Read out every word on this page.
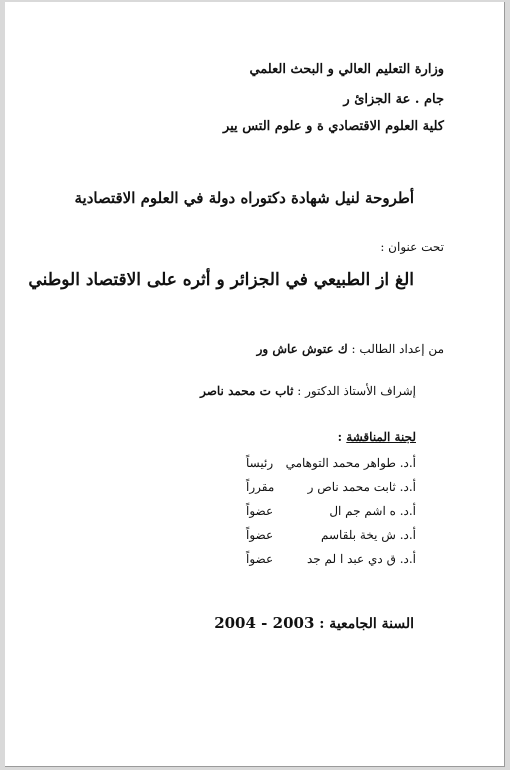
وزارة التعليم العالي و البحث العلمي
جام . عة الجزائ ر
كلية العلوم الاقتصادي ة و علوم التس يير
أطروحة لنيل شهادة دكتوراه دولة في العلوم الاقتصادية
تحت عنوان :
الغ از الطبيعي في الجزائر و أثره على الاقتصاد الوطني
من إعداد الطالب : ك عتوش عاش ور
إشراف الأستاذ الدكتور : ثاب ت محمد ناصر
لجنة المناقشة :
أ.د. طواهر محمد التوهامي
رئيساً
أ.د. ثابت محمد ناص ر
مقرراً
أ.د. ه اشم جم ال
عضواً
أ.د. ش يخة بلقاسم
عضواً
أ.د. ق دي عبد ا لم جد
عضواً
السنة الجامعية : 2004 - 2003
